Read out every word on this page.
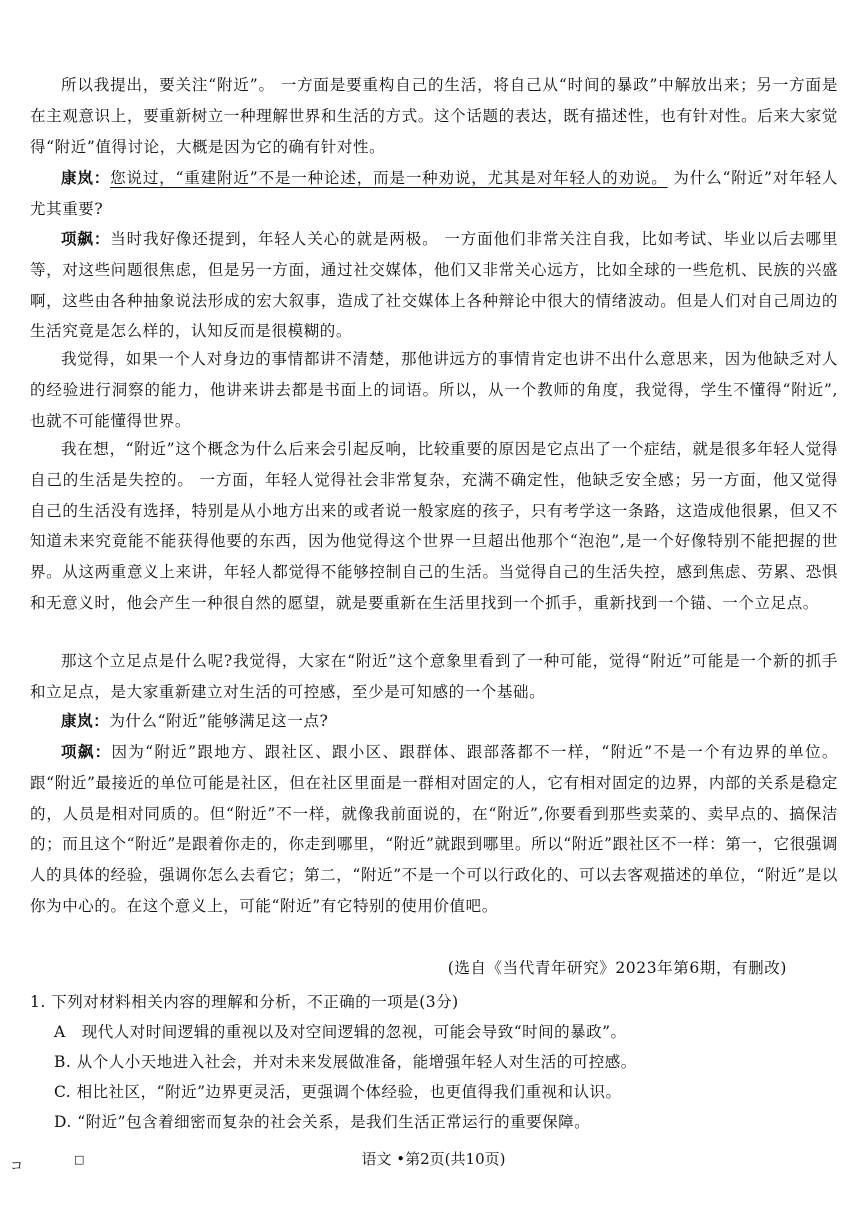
所以我提出，要关注“附近”。 一方面是要重构自己的生活，将自己从“时间的暴政”中解放出来；另一方面是在主观意识上，要重新树立一种理解世界和生活的方式。这个话题的表达，既有描述性，也有针对性。后来大家觉得“附近”值得讨论，大概是因为它的确有针对性。

康岚：您说过，“重建附近”不是一种论述，而是一种劝说，尤其是对年轻人的劝说。 为什么“附近”对年轻人尤其重要?

项飙：当时我好像还提到，年轻人关心的就是两极。 一方面他们非常关注自我，比如考试、毕业以后去哪里等，对这些问题很焦虑，但是另一方面，通过社交媒体，他们又非常关心远方，比如全球的一些危机、民族的兴盛啊，这些由各种抽象说法形成的宏大叙事，造成了社交媒体上各种辩论中很大的情绪波动。但是人们对自己周边的生活究竟是怎么样的，认知反而是很模糊的。

我觉得，如果一个人对身边的事情都讲不清楚，那他讲远方的事情肯定也讲不出什么意思来，因为他缺乏对人的经验进行洞察的能力，他讲来讲去都是书面上的词语。所以，从一个教师的角度，我觉得，学生不懂得“附近”,也就不可能懂得世界。

我在想，“附近”这个概念为什么后来会引起反响，比较重要的原因是它点出了一个症结，就是很多年轻人觉得自己的生活是失控的。 一方面，年轻人觉得社会非常复杂，充满不确定性，他缺乏安全感；另一方面，他又觉得自己的生活没有选择，特别是从小地方出来的或者说一般家庭的孩子，只有考学这一条路，这造成他很累，但又不知道未来究竟能不能获得他要的东西，因为他觉得这个世界一旦超出他那个“泡泡”,是一个好像特别不能把握的世界。从这两重意义上来讲，年轻人都觉得不能够控制自己的生活。当觉得自己的生活失控，感到焦虑、劳累、恐惧和无意义时，他会产生一种很自然的愿望，就是要重新在生活里找到一个抓手，重新找到一个锚、一个立足点。

那这个立足点是什么呢?我觉得，大家在“附近”这个意象里看到了一种可能，觉得“附近”可能是一个新的抓手和立足点，是大家重新建立对生活的可控感，至少是可知感的一个基础。

康岚：为什么“附近”能够满足这一点?

项飙：因为“附近”跟地方、跟社区、跟小区、跟群体、跟部落都不一样，“附近”不是一个有边界的单位。跟“附近”最接近的单位可能是社区，但在社区里面是一群相对固定的人，它有相对固定的边界，内部的关系是稳定的，人员是相对同质的。但“附近”不一样，就像我前面说的，在“附近”,你要看到那些卖菜的、卖早点的、搞保洁的；而且这个“附近”是跟着你走的，你走到哪里，“附近”就跟到哪里。所以“附近”跟社区不一样：第一，它很强调人的具体的经验，强调你怎么去看它；第二，“附近”不是一个可以行政化的、可以去客观描述的单位，“附近”是以你为中心的。在这个意义上，可能“附近”有它特别的使用价值吧。

(选自《当代青年研究》2023年第6期，有删改)

1. 下列对材料相关内容的理解和分析，不正确的一项是(3分)

A　现代人对时间逻辑的重视以及对空间逻辑的忽视，可能会导致“时间的暴政”。

B. 从个人小天地进入社会，并对未来发展做准备，能增强年轻人对生活的可控感。

C. 相比社区，“附近”边界更灵活，更强调个体经验，也更值得我们重视和认识。

D. “附近”包含着细密而复杂的社会关系，是我们生活正常运行的重要保障。

コ	□	语文 •第2页(共10页)
